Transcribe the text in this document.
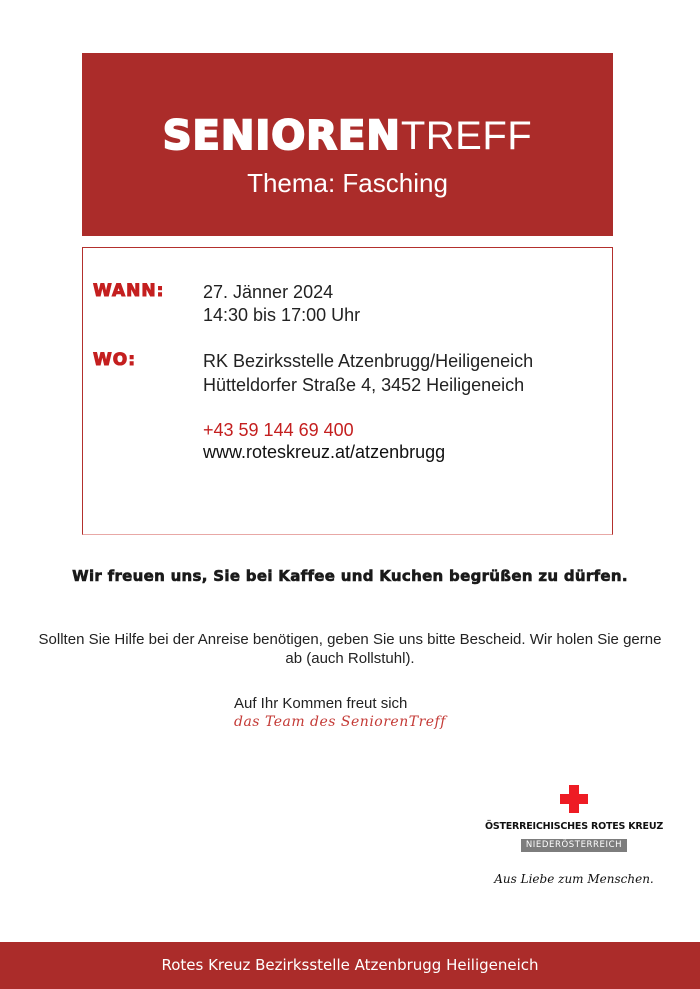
SENIORENTREFF
Thema: Fasching
WANN: 27. Jänner 2024
14:30 bis 17:00 Uhr
WO:	RK Bezirksstelle Atzenbrugg/Heiligeneich
Hütteldorfer Straße 4, 3452 Heiligeneich
+43 59 144 69 400
www.roteskreuz.at/atzenbrugg
Wir freuen uns, Sie bei Kaffee und Kuchen begrüßen zu dürfen.
Sollten Sie Hilfe bei der Anreise benötigen, geben Sie uns bitte Bescheid. Wir holen Sie gerne ab (auch Rollstuhl).
Auf Ihr Kommen freut sich
das Team des SeniorenTreff
ÖSTERREICHISCHES ROTES KREUZ
NIEDERÖSTERREICH
Aus Liebe zum Menschen.
Rotes Kreuz Bezirksstelle Atzenbrugg Heiligeneich
